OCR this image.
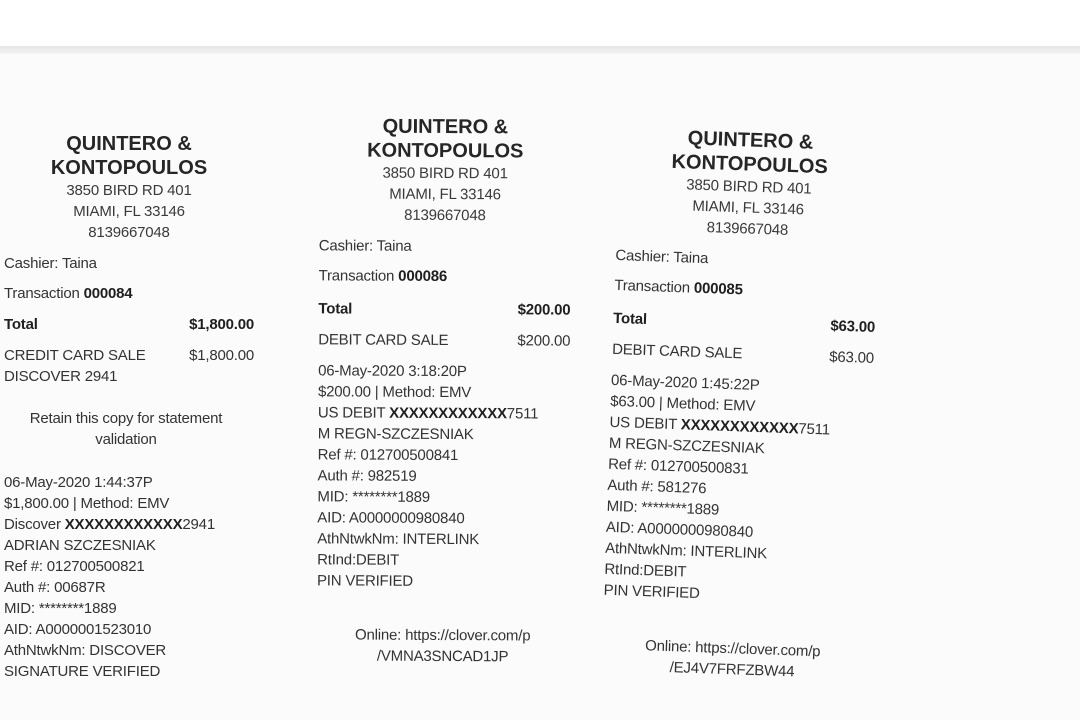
QUINTERO &
KONTOPOULOS
3850 BIRD RD 401
MIAMI, FL 33146
8139667048
Cashier: Taina
Transaction 000084
Total	$1,800.00
CREDIT CARD SALE	$1,800.00
DISCOVER 2941
Retain this copy for statement validation
06-May-2020 1:44:37P
$1,800.00 | Method: EMV
Discover XXXXXXXXXXXX2941
ADRIAN SZCZESNIAK
Ref #: 012700500821
Auth #: 00687R
MID: ********1889
AID: A0000001523010
AthNtwkNm: DISCOVER
SIGNATURE VERIFIED
QUINTERO &
KONTOPOULOS
3850 BIRD RD 401
MIAMI, FL 33146
8139667048
Cashier: Taina
Transaction 000086
Total	$200.00
DEBIT CARD SALE	$200.00
06-May-2020 3:18:20P
$200.00 | Method: EMV
US DEBIT XXXXXXXXXXXX7511
M REGN-SZCZESNIAK
Ref #: 012700500841
Auth #: 982519
MID: ********1889
AID: A0000000980840
AthNtwkNm: INTERLINK
RtInd:DEBIT
PIN VERIFIED
Online: https://clover.com/p
/VMNA3SNCAD1JP
QUINTERO &
KONTOPOULOS
3850 BIRD RD 401
MIAMI, FL 33146
8139667048
Cashier: Taina
Transaction 000085
Total	$63.00
DEBIT CARD SALE	$63.00
06-May-2020 1:45:22P
$63.00 | Method: EMV
US DEBIT XXXXXXXXXXXX7511
M REGN-SZCZESNIAK
Ref #: 012700500831
Auth #: 581276
MID: ********1889
AID: A0000000980840
AthNtwkNm: INTERLINK
RtInd:DEBIT
PIN VERIFIED
Online: https://clover.com/p
/EJ4V7FRFZBW44
